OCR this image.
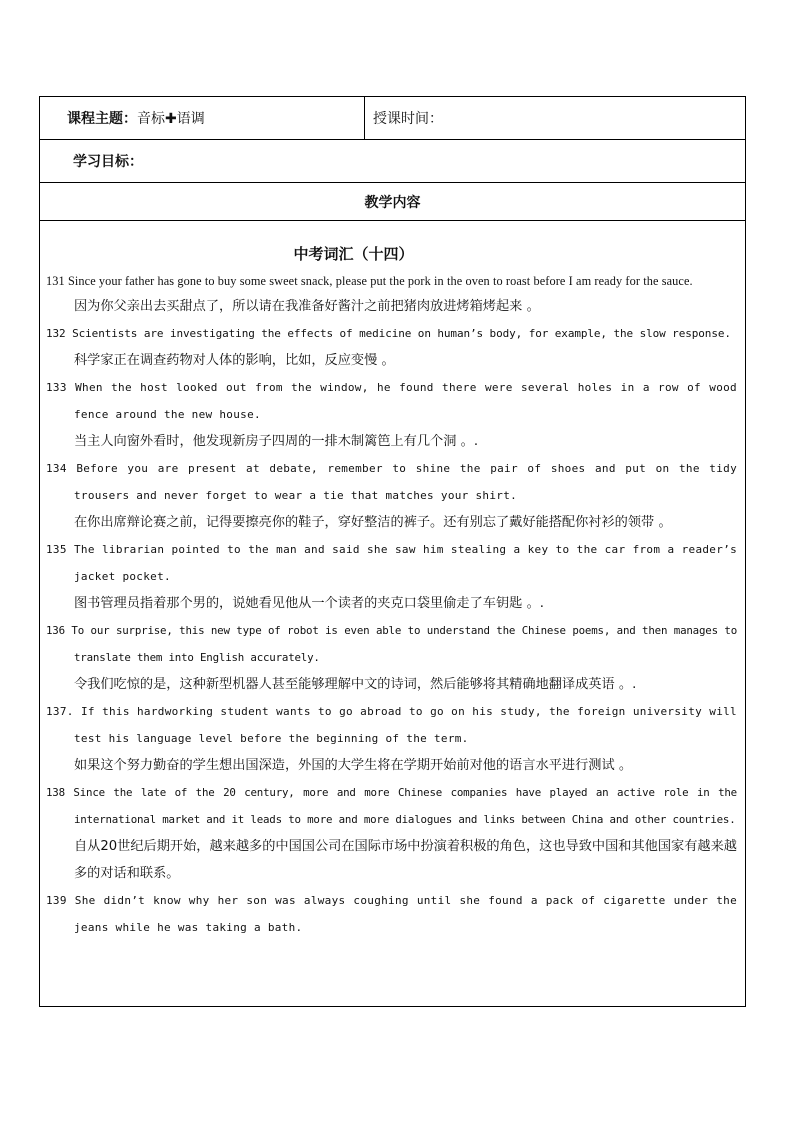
课程主题： 音标✚语调	授课时间：
学习目标：
教学内容
中考词汇（十四）
131 Since your father has gone to buy some sweet snack, please put the pork in the oven to roast before I am ready for the sauce.
因为你父亲出去买甜点了，所以请在我准备好酱汁之前把猪肉放进烤箱烤起来 。
132 Scientists are investigating the effects of medicine on human’s body, for example, the slow response.
科学家正在调查药物对人体的影响，比如，反应变慢 。
133 When the host looked out from the window, he found there were several holes in a row of wood fence around the new house.
当主人向窗外看时，他发现新房子四周的一排木制篱笆上有几个洞 。.
134 Before you are present at debate, remember to shine the pair of shoes and put on the tidy trousers and never forget to wear a tie that matches your shirt.
在你出席辩论赛之前，记得要擦亮你的鞋子，穿好整洁的裤子。还有别忘了戴好能搭配你衬衫的领带 。
135 The librarian pointed to the man and said she saw him stealing a key to the car from a reader’s jacket pocket.
图书管理员指着那个男的，说她看见他从一个读者的夹克口袋里偷走了车钥匙 。.
136 To our surprise, this new type of robot is even able to understand the Chinese poems, and then manages to translate them into English accurately.
令我们吃惊的是，这种新型机器人甚至能够理解中文的诗词，然后能够将其精确地翻译成英语 。.
137. If this hardworking student wants to go abroad to go on his study, the foreign university will test his language level before the beginning of the term.
如果这个努力勤奋的学生想出国深造，外国的大学生将在学期开始前对他的语言水平进行测试 。
138 Since the late of the 20 century, more and more Chinese companies have played an active role in the international market and it leads to more and more dialogues and links between China and other countries.
自从20世纪后期开始，越来越多的中国国公司在国际市场中扮演着积极的角色，这也导致中国和其他国家有越来越多的对话和联系。
139 She didn’t know why her son was always coughing until she found a pack of cigarette under the jeans while he was taking a bath.
